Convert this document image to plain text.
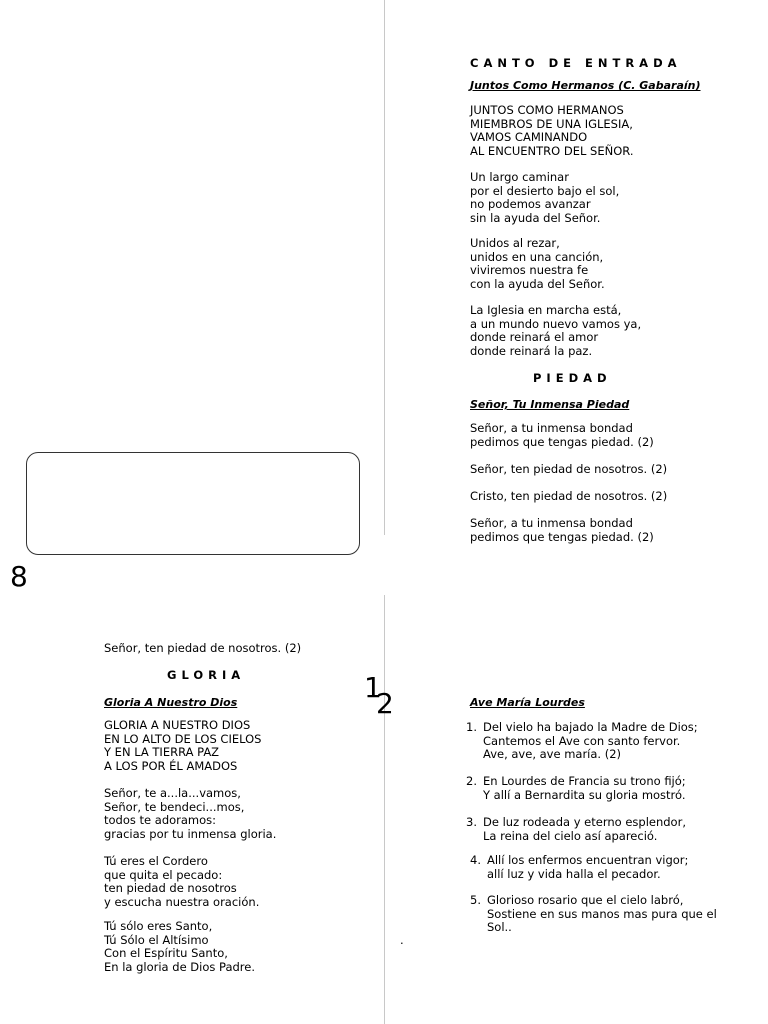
CANTO DE ENTRADA
Juntos Como Hermanos (C. Gabaraín)
JUNTOS COMO HERMANOS
MIEMBROS DE UNA IGLESIA,
VAMOS CAMINANDO
AL ENCUENTRO DEL SEÑOR.
Un largo caminar
por el desierto bajo el sol,
no podemos avanzar
sin la ayuda del Señor.
Unidos al rezar,
unidos en una canción,
viviremos nuestra fe
con la ayuda del Señor.
La Iglesia en marcha está,
a un mundo nuevo vamos ya,
donde reinará el amor
donde reinará la paz.
PIEDAD
Señor, Tu Inmensa Piedad
Señor, a tu inmensa bondad
pedimos que tengas piedad. (2)
Señor, ten piedad de nosotros. (2)
Cristo, ten piedad de nosotros. (2)
Señor, a tu inmensa bondad
pedimos que tengas piedad. (2)
8
1
2
Señor, ten piedad de nosotros. (2)
GLORIA
Gloria A Nuestro Dios
GLORIA A NUESTRO DIOS
EN LO ALTO DE LOS CIELOS
Y EN LA TIERRA PAZ
A LOS POR ÉL AMADOS
Señor, te a...la...vamos,
Señor, te bendeci...mos,
todos te adoramos:
gracias por tu inmensa gloria.
Tú eres el Cordero
que quita el pecado:
ten piedad de nosotros
y escucha nuestra oración.
Tú sólo eres Santo,
Tú Sólo el Altísimo
Con el Espíritu Santo,
En la gloria de Dios Padre.
Ave María Lourdes
1. Del vielo ha bajado la Madre de Dios;
Cantemos el Ave con santo fervor.
Ave, ave, ave maría. (2)
2. En Lourdes de Francia su trono fijó;
Y allí a Bernardita su gloria mostró.
3. De luz rodeada y eterno esplendor,
La reina del cielo así apareció.
4. Allí los enfermos encuentran vigor;
allí luz y vida halla el pecador.
5. Glorioso rosario que el cielo labró,
Sostiene en sus manos mas pura que el
Sol..
.
